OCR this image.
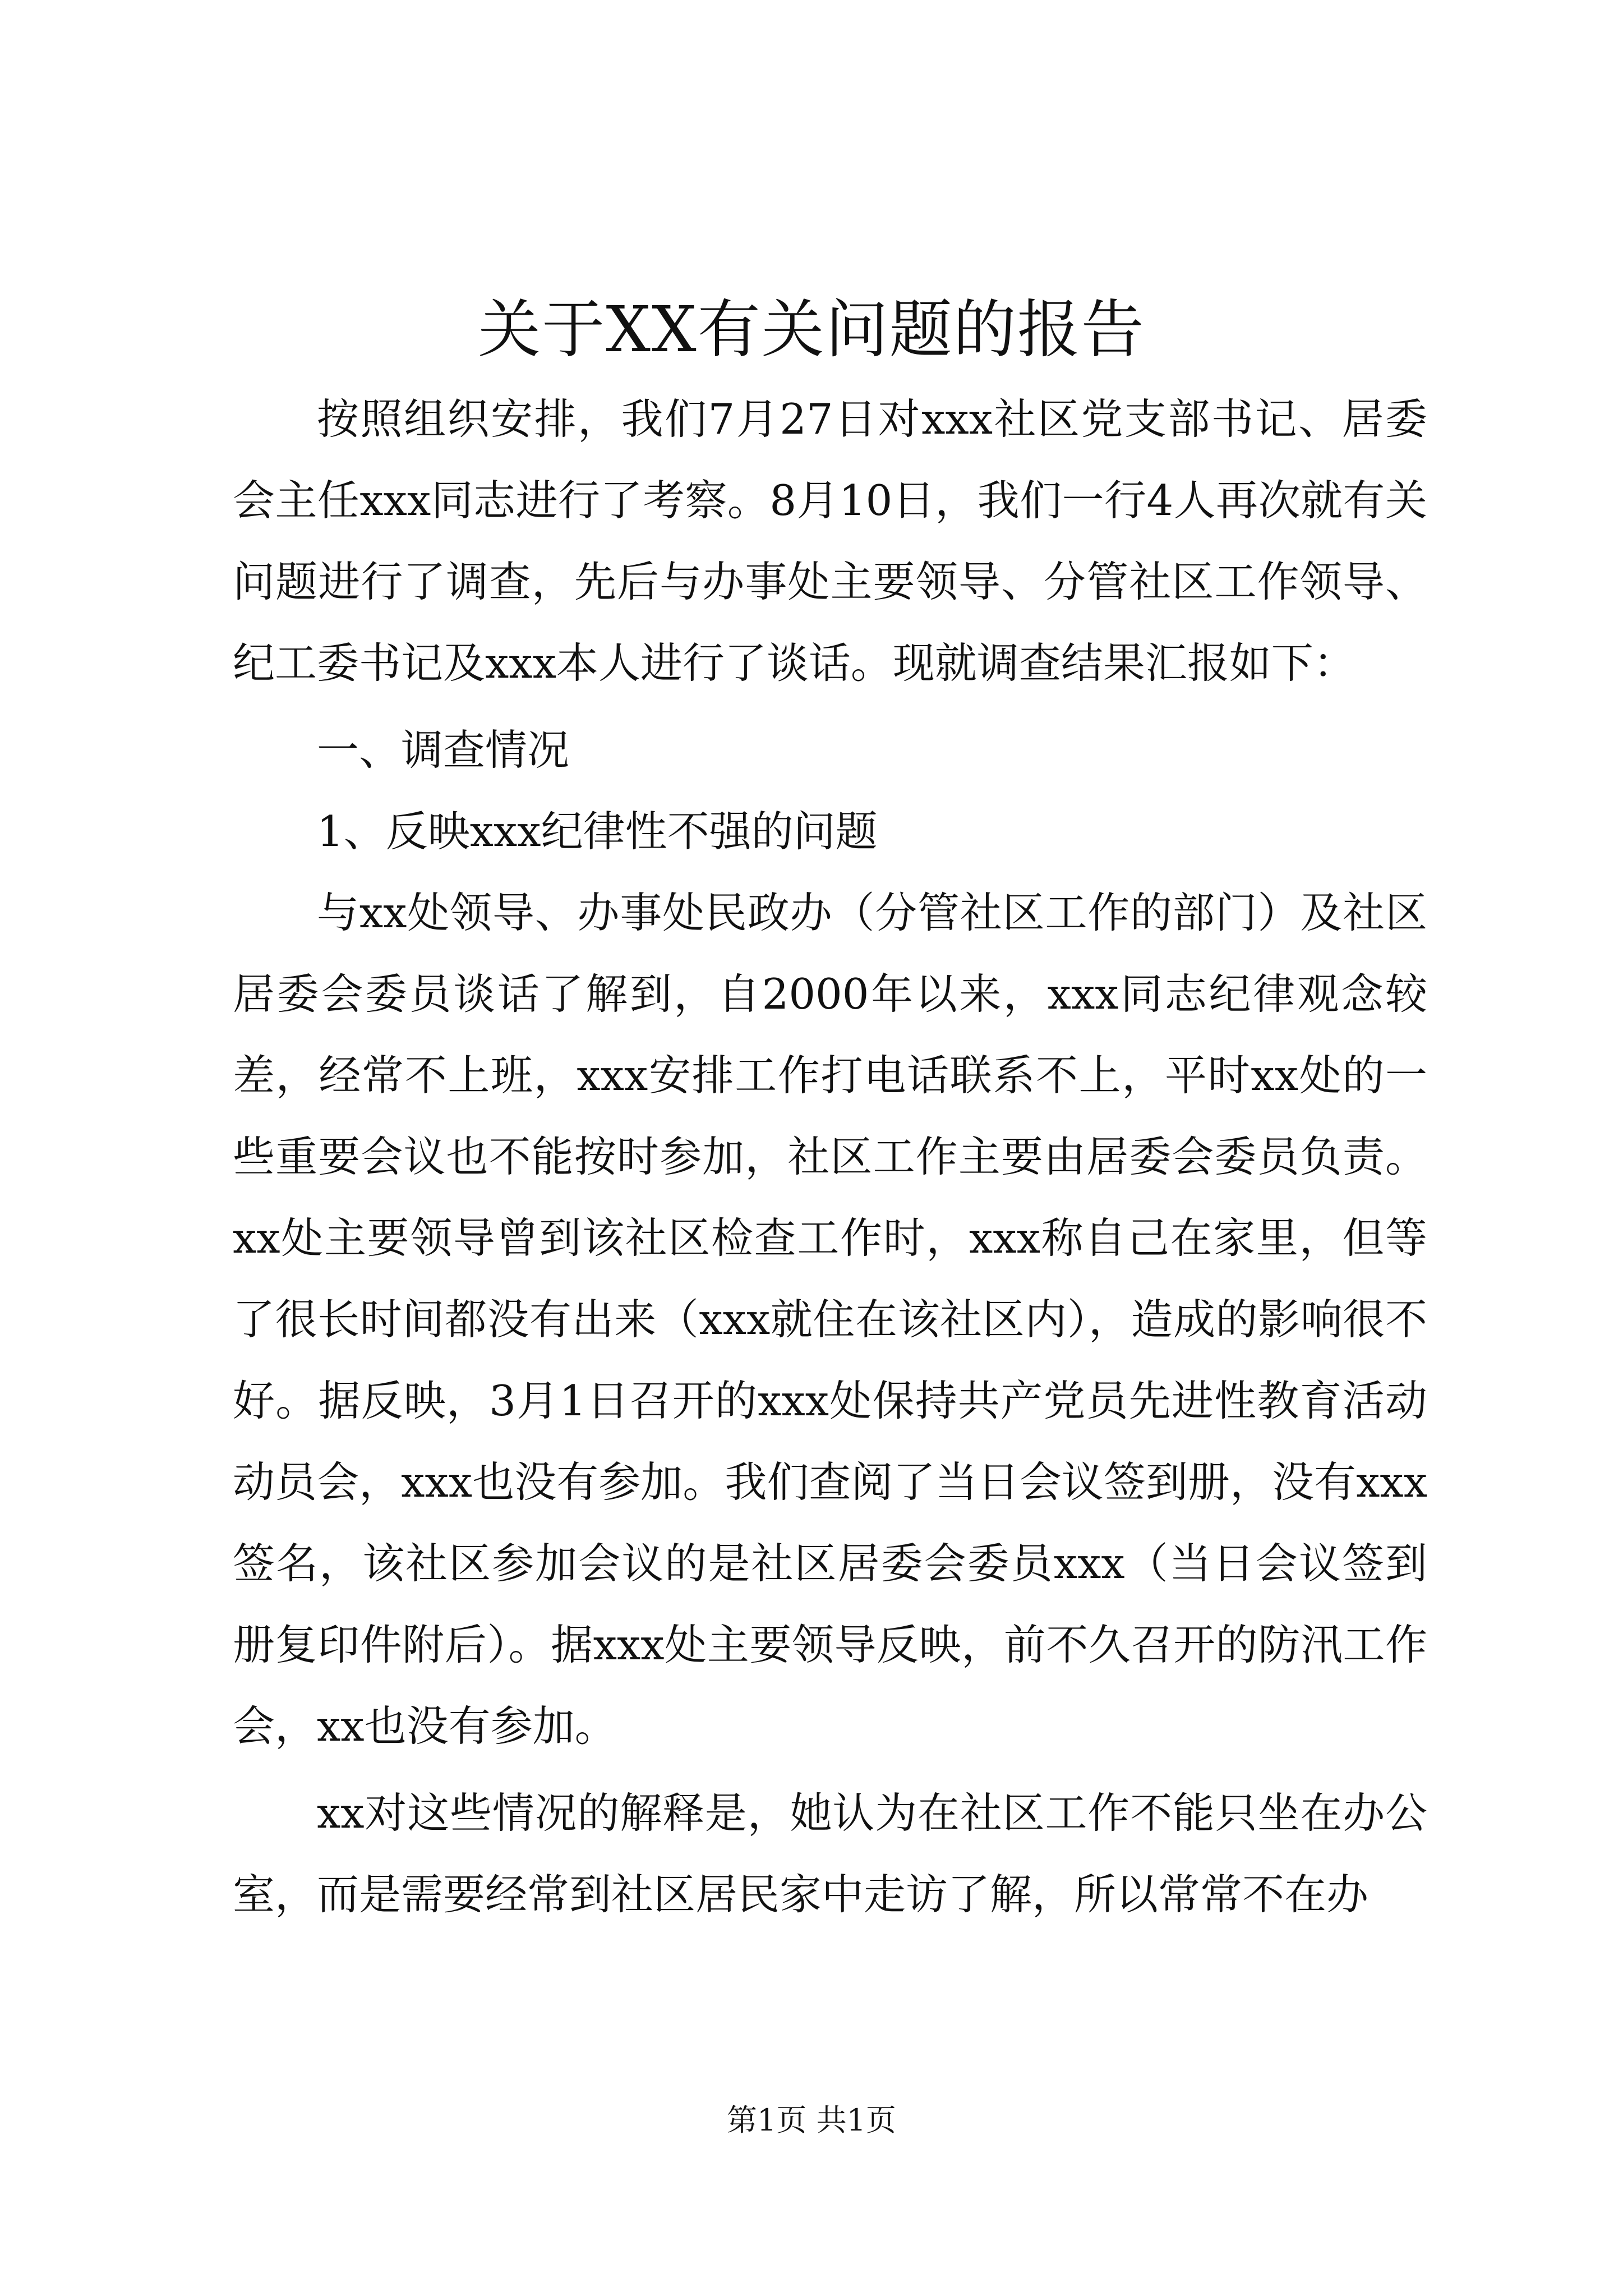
关于XX有关问题的报告

按照组织安排，我们7月27日对xxx社区党支部书记、居委会主任xxx同志进行了考察。8月10日，我们一行4人再次就有关问题进行了调查，先后与办事处主要领导、分管社区工作领导、纪工委书记及xxx本人进行了谈话。现就调查结果汇报如下：

一、调查情况

1、反映xxx纪律性不强的问题

与xx处领导、办事处民政办（分管社区工作的部门）及社区居委会委员谈话了解到，自2000年以来，xxx同志纪律观念较差，经常不上班，xxx安排工作打电话联系不上，平时xx处的一些重要会议也不能按时参加，社区工作主要由居委会委员负责。xx处主要领导曾到该社区检查工作时，xxx称自己在家里，但等了很长时间都没有出来（xxx就住在该社区内），造成的影响很不好。据反映，3月1日召开的xxx处保持共产党员先进性教育活动动员会，xxx也没有参加。我们查阅了当日会议签到册，没有xxx签名，该社区参加会议的是社区居委会委员xxx（当日会议签到册复印件附后）。据xxx处主要领导反映，前不久召开的防汛工作会，xx也没有参加。

xx对这些情况的解释是，她认为在社区工作不能只坐在办公室，而是需要经常到社区居民家中走访了解，所以常常不在办

第1页 共1页
